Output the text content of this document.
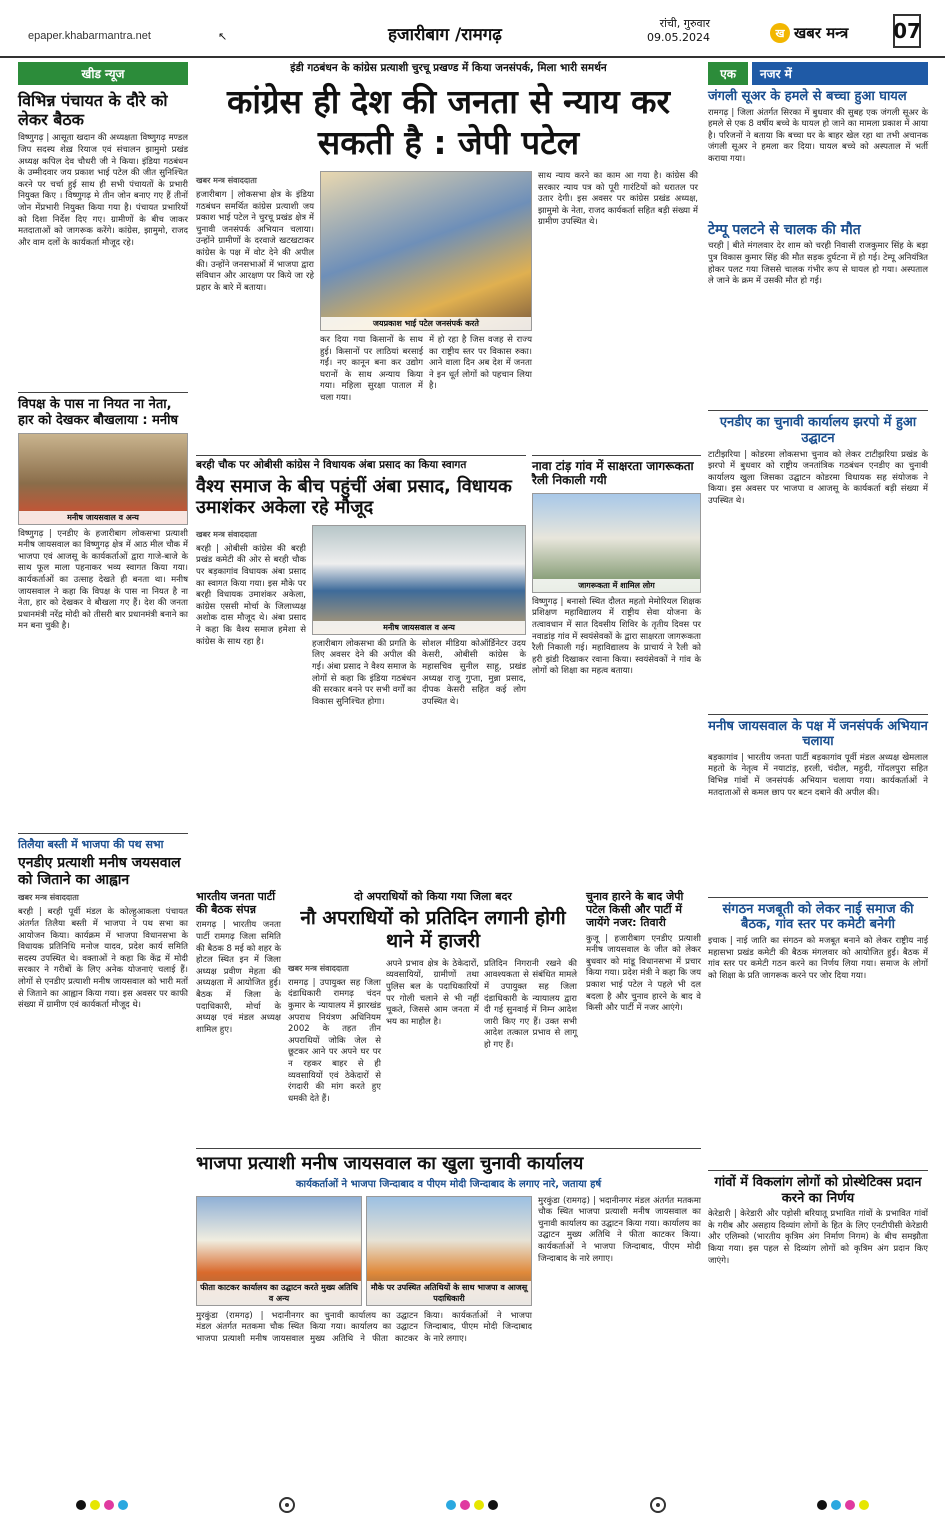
epaper.khabarmantra.net	↖	हजारीबाग /रामगढ़
रांची, गुरुवार
09.05.2024	ख खबर मन्त्र 07
खीड न्यूज
विभिन्न पंचायत के दौरे को लेकर बैठक
विष्णुगढ़ | आसूता खदान की अध्यक्षता विष्णुगढ़ मण्डल जिप सदस्य शेख़ रियाज एवं संचालन झामुमो प्रखंड अध्यक्ष कपिल देव चौधरी जी ने किया। इंडिया गठबंधन के उम्मीदवार जय प्रकाश भाई पटेल की जीत सुनिश्चित करने पर चर्चा हुई साथ ही सभी पंचायतों के प्रभारी नियुक्त किए । विष्णुगढ़ मे तीन जोन बनाए गए हैं तीनों जोन मेंप्रभारी नियुक्त किया गया है। पंचायत प्रभारियों को दिशा निर्देश दिए गए। ग्रामीणों के बीच जाकर मतदाताओं को जागरूक करेंगे। कांग्रेस, झामुमो, राजद और वाम दलों के कार्यकर्ता मौजूद रहे।
विपक्ष के पास ना नियत ना नेता, हार को देखकर बौखलाया : मनीष
मनीष जायसवाल व अन्य
विष्णुगढ़ | एनडीए के हजारीबाग लोकसभा प्रत्याशी मनीष जायसवाल का विष्णुगढ़ क्षेत्र में आठ मील चौक में भाजपा एवं आजसू के कार्यकर्ताओं द्वारा गाजे-बाजे के साथ फूल माला पहनाकर भव्य स्वागत किया गया। कार्यकर्ताओं का उत्साह देखते ही बनता था। मनीष जायसवाल ने कहा कि विपक्ष के पास ना नियत है ना नेता, हार को देखकर वे बौखला गए हैं। देश की जनता प्रधानमंत्री नरेंद्र मोदी को तीसरी बार प्रधानमंत्री बनाने का मन बना चुकी है।
तिलैया बस्ती में भाजपा की पथ सभा
एनडीए प्रत्याशी मनीष जयसवाल को जिताने का आह्वान
खबर मन्त्र संवाददाता
बरही | बरही पूर्वी मंडल के कोल्हुआकला पंचायत अंतर्गत तिलैया बस्ती में भाजपा ने पथ सभा का आयोजन किया। कार्यक्रम में भाजपा विधानसभा के विधायक प्रतिनिधि मनोज यादव, प्रदेश कार्य समिति सदस्य उपस्थित थे। वक्ताओं ने कहा कि केंद्र में मोदी सरकार ने गरीबों के लिए अनेक योजनाएं चलाई हैं। लोगों से एनडीए प्रत्याशी मनीष जायसवाल को भारी मतों से जिताने का आह्वान किया गया। इस अवसर पर काफी संख्या में ग्रामीण एवं कार्यकर्ता मौजूद थे।
इंडी गठबंधन के कांग्रेस प्रत्याशी चुरचू प्रखण्ड में किया जनसंपर्क, मिला भारी समर्थन
कांग्रेस ही देश की जनता से न्याय कर सकती है : जेपी पटेल
खबर मन्त्र संवाददाता
हजारीबाग | लोकसभा क्षेत्र के इंडिया गठबंधन समर्थित कांग्रेस प्रत्याशी जय प्रकाश भाई पटेल ने चुरचू प्रखंड क्षेत्र में चुनावी जनसंपर्क अभियान चलाया। उन्होंने ग्रामीणों के दरवाजे खटखटाकर कांग्रेस के पक्ष में वोट देने की अपील की। उन्होंने जनसभाओं में भाजपा द्वारा संविधान और आरक्षण पर किये जा रहे प्रहार के बारे में बताया।
जयप्रकाश भाई पटेल जनसंपर्क करते
साथ न्याय करने का काम आ गया है। कांग्रेस की सरकार न्याय पत्र को पूरी गारंटियों को धरातल पर उतार देगी। इस अवसर पर कांग्रेस प्रखंड अध्यक्ष, झामुमो के नेता, राजद कार्यकर्ता सहित बड़ी संख्या में ग्रामीण उपस्थित थे।
कर दिया गया किसानों के साथ हुई। किसानों पर लाठियां बरसाई गईं। नए कानून बना कर उद्योग घरानों के साथ अन्याय किया गया। महिला सुरक्षा पाताल में चला गया।
में हो रहा है जिस वजह से राज्य का राष्ट्रीय स्तर पर विकास रुका। आने वाला दिन अब देश में जनता ने इन धूर्त लोगों को पहचान लिया है।
बरही चौक पर ओबीसी कांग्रेस ने विधायक अंबा प्रसाद का किया स्वागत
वैश्य समाज के बीच पहुंचीं अंबा प्रसाद, विधायक उमाशंकर अकेला रहे मौजूद
खबर मन्त्र संवाददाता
बरही | ओबीसी कांग्रेस की बरही प्रखंड कमेटी की ओर से बरही चौक पर बड़कागांव विधायक अंबा प्रसाद का स्वागत किया गया। इस मौके पर बरही विधायक उमाशंकर अकेला, कांग्रेस एससी मोर्चा के जिलाध्यक्ष अशोक दास मौजूद थे। अंबा प्रसाद ने कहा कि वैश्य समाज हमेशा से कांग्रेस के साथ रहा है।
मनीष जायसवाल व अन्य
हजारीबाग लोकसभा की प्रगति के लिए अवसर देने की अपील की गई। अंबा प्रसाद ने वैश्य समाज के लोगों से कहा कि इंडिया गठबंधन की सरकार बनने पर सभी वर्गों का विकास सुनिश्चित होगा।
सोशल मीडिया कोऑर्डिनेटर उदय केसरी, ओबीसी कांग्रेस के महासचिव सुनील साहू, प्रखंड अध्यक्ष राजू गुप्ता, मुन्ना प्रसाद, दीपक केसरी सहित कई लोग उपस्थित थे।
नावा टांड़ गांव में साक्षरता जागरूकता रैली निकाली गयी
जागरूकता में शामिल लोग
विष्णुगढ़ | बनासो स्थित दौलत महतो मेमोरियल शिक्षक प्रशिक्षण महाविद्यालय में राष्ट्रीय सेवा योजना के तत्वावधान में सात दिवसीय शिविर के तृतीय दिवस पर नवाडांड़ गांव में स्वयंसेवकों के द्वारा साक्षरता जागरूकता रैली निकाली गई। महाविद्यालय के प्राचार्य ने रैली को हरी झंडी दिखाकर रवाना किया। स्वयंसेवकों ने गांव के लोगों को शिक्षा का महत्व बताया।
भारतीय जनता पार्टी की बैठक संपन्न
रामगढ़ | भारतीय जनता पार्टी रामगढ़ जिला समिति की बैठक 8 मई को शहर के होटल स्थित इन में जिला अध्यक्ष प्रवीण मेहता की अध्यक्षता में आयोजित हुई। बैठक में जिला के पदाधिकारी, मोर्चा के अध्यक्ष एवं मंडल अध्यक्ष शामिल हुए।
दो अपराधियों को किया गया जिला बदर
नौ अपराधियों को प्रतिदिन लगानी होगी थाने में हाजरी
खबर मन्त्र संवाददाता
रामगढ़ | उपायुक्त सह जिला दंडाधिकारी रामगढ़ चंदन कुमार के न्यायालय में झारखंड अपराध नियंत्रण अधिनियम 2002 के तहत तीन अपराधियों जोकि जेल से छूटकर आने पर अपने घर पर न रहकर बाहर से ही व्यवसायियों एवं ठेकेदारों से रंगदारी की मांग करते हुए धमकी देते हैं।
अपने प्रभाव क्षेत्र के ठेकेदारों, व्यवसायियों, ग्रामीणों तथा पुलिस बल के पदाधिकारियों पर गोली चलाने से भी नहीं चूकते, जिससे आम जनता में भय का माहौल है।
प्रतिदिन निगरानी रखने की आवश्यकता से संबंधित मामले में उपायुक्त सह जिला दंडाधिकारी के न्यायालय द्वारा दी गई सुनवाई में निम्न आदेश जारी किए गए हैं। उक्त सभी आदेश तत्काल प्रभाव से लागू हो गए हैं।
चुनाव हारने के बाद जेपी पटेल किसी और पार्टी में जायेंगे नजर: तिवारी
कुजू | हजारीबाग एनडीए प्रत्याशी मनीष जायसवाल के जीत को लेकर बुधवार को मांडू विधानसभा में प्रचार किया गया। प्रदेश मंत्री ने कहा कि जय प्रकाश भाई पटेल ने पहले भी दल बदला है और चुनाव हारने के बाद वे किसी और पार्टी में नजर आएंगे।
भाजपा प्रत्याशी मनीष जायसवाल का खुला चुनावी कार्यालय
कार्यकर्ताओं ने भाजपा जिन्दाबाद व पीएम मोदी जिन्दाबाद के लगाए नारे, जताया हर्ष
फीता काटकर कार्यालय का उद्घाटन करते मुख्य अतिथि व अन्य
मौके पर उपस्थित अतिथियों के साथ भाजपा व आजसू पदाधिकारी
मुरकुंडा (रामगढ़) | भदानीनगर मंडल अंतर्गत मतकमा चौक स्थित भाजपा प्रत्याशी मनीष जायसवाल का चुनावी कार्यालय का उद्घाटन किया गया। कार्यालय का उद्घाटन मुख्य अतिथि ने फीता काटकर किया। कार्यकर्ताओं ने भाजपा जिन्दाबाद, पीएम मोदी जिन्दाबाद के नारे लगाए।
मुरकुंडा (रामगढ़) | भदानीनगर मंडल अंतर्गत मतकमा चौक स्थित भाजपा प्रत्याशी मनीष जायसवाल का चुनावी कार्यालय का उद्घाटन किया गया। कार्यालय का उद्घाटन मुख्य अतिथि ने फीता काटकर किया। कार्यकर्ताओं ने भाजपा जिन्दाबाद, पीएम मोदी जिन्दाबाद के नारे लगाए।
एक	नजर में
जंगली सूअर के हमले से बच्चा हुआ घायल
रामगढ़ | जिला अंतर्गत सिरका में बुधवार की सुबह एक जंगली सूअर के हमले से एक 8 वर्षीय बच्चे के घायल हो जाने का मामला प्रकाश में आया है। परिजनों ने बताया कि बच्चा घर के बाहर खेल रहा था तभी अचानक जंगली सूअर ने हमला कर दिया। घायल बच्चे को अस्पताल में भर्ती कराया गया।
टेम्पू पलटने से चालक की मौत
चरही | बीते मंगलवार देर शाम को चरही निवासी राजकुमार सिंह के बड़ा पुत्र विकास कुमार सिंह की मौत सड़क दुर्घटना में हो गई। टेम्पू अनियंत्रित होकर पलट गया जिससे चालक गंभीर रूप से घायल हो गया। अस्पताल ले जाने के क्रम में उसकी मौत हो गई।
एनडीए का चुनावी कार्यालय झरपो में हुआ उद्घाटन
टाटीझरिया | कोडरमा लोकसभा चुनाव को लेकर टाटीझरिया प्रखंड के झरपो में बुधवार को राष्ट्रीय जनतांत्रिक गठबंधन एनडीए का चुनावी कार्यालय खुला जिसका उद्घाटन कोडरमा विधायक सह संयोजक ने किया। इस अवसर पर भाजपा व आजसू के कार्यकर्ता बड़ी संख्या में उपस्थित थे।
मनीष जायसवाल के पक्ष में जनसंपर्क अभियान चलाया
बड़कागांव | भारतीय जनता पार्टी बड़कागांव पूर्वी मंडल अध्यक्ष खेमलाल महतो के नेतृत्व में नयाटांड़, हरली, चंदौल, महुदी, गोंदलपुरा सहित विभिन्न गांवों में जनसंपर्क अभियान चलाया गया। कार्यकर्ताओं ने मतदाताओं से कमल छाप पर बटन दबाने की अपील की।
संगठन मजबूती को लेकर नाई समाज की बैठक, गांव स्तर पर कमेटी बनेगी
इचाक | नाई जाति का संगठन को मजबूत बनाने को लेकर राष्ट्रीय नाई महासभा प्रखंड कमेटी की बैठक मंगलवार को आयोजित हुई। बैठक में गांव स्तर पर कमेटी गठन करने का निर्णय लिया गया। समाज के लोगों को शिक्षा के प्रति जागरूक करने पर जोर दिया गया।
गांवों में विकलांग लोगों को प्रोस्थेटिक्स प्रदान करने का निर्णय
केरेडारी | केरेडारी और पड़ोसी बरियातू प्रभावित गांवों के प्रभावित गांवों के गरीब और असहाय दिव्यांग लोगों के हित के लिए एनटीपीसी केरेडारी और एलिम्को (भारतीय कृत्रिम अंग निर्माण निगम) के बीच समझौता किया गया। इस पहल से दिव्यांग लोगों को कृत्रिम अंग प्रदान किए जाएंगे।
